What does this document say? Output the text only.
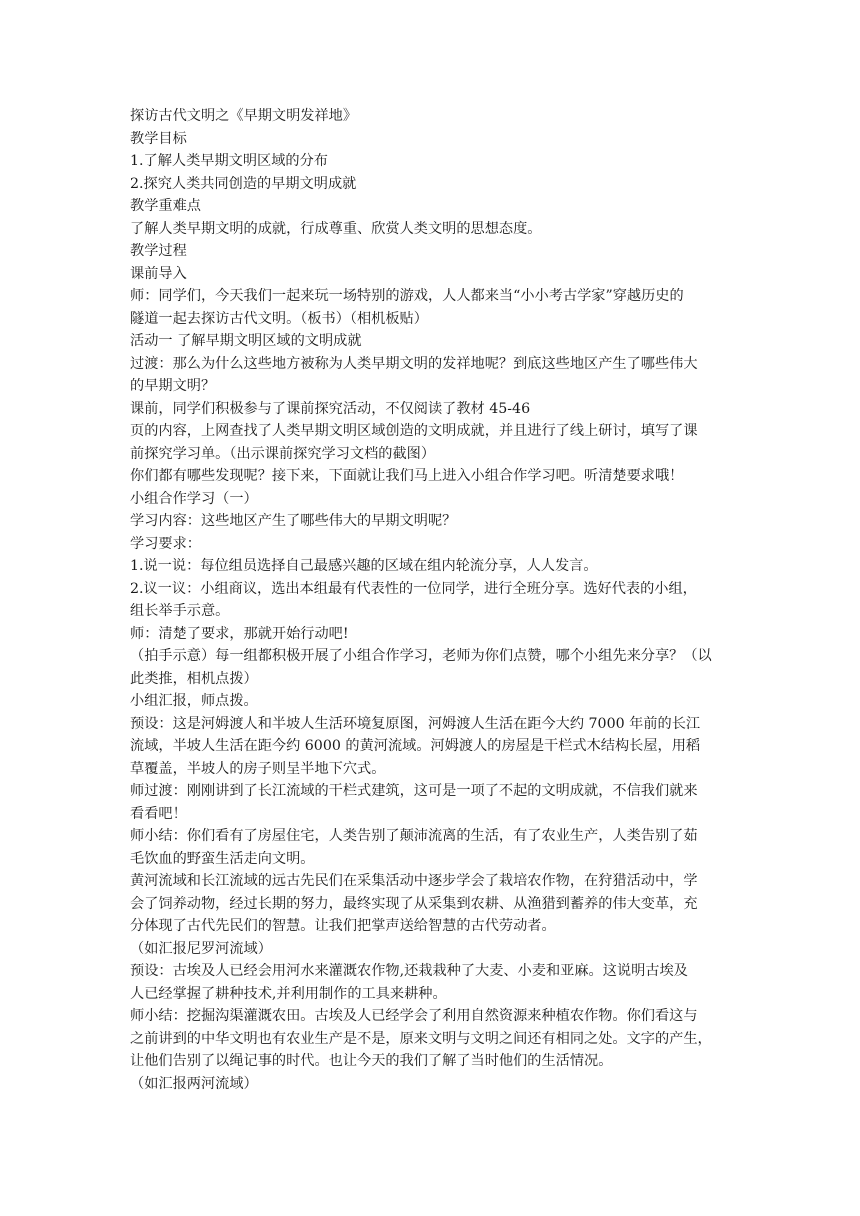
探访古代文明之《早期文明发祥地》
教学目标
1.了解人类早期文明区域的分布
2.探究人类共同创造的早期文明成就
教学重难点
了解人类早期文明的成就，行成尊重、欣赏人类文明的思想态度。
教学过程
课前导入
师：同学们，今天我们一起来玩一场特别的游戏，人人都来当“小小考古学家”穿越历史的
隧道一起去探访古代文明。（板书）（相机板贴）
活动一 了解早期文明区域的文明成就
过渡：那么为什么这些地方被称为人类早期文明的发祥地呢？到底这些地区产生了哪些伟大
的早期文明？
课前，同学们积极参与了课前探究活动，不仅阅读了教材 45-46
页的内容，上网查找了人类早期文明区域创造的文明成就，并且进行了线上研讨，填写了课
前探究学习单。（出示课前探究学习文档的截图）
你们都有哪些发现呢？接下来，下面就让我们马上进入小组合作学习吧。听清楚要求哦！
小组合作学习（一）
学习内容：这些地区产生了哪些伟大的早期文明呢？
学习要求：
1.说一说：每位组员选择自己最感兴趣的区域在组内轮流分享，人人发言。
2.议一议：小组商议，选出本组最有代表性的一位同学，进行全班分享。选好代表的小组，
组长举手示意。
师：清楚了要求，那就开始行动吧!
（拍手示意）每一组都积极开展了小组合作学习，老师为你们点赞，哪个小组先来分享？（以
此类推，相机点拨）
小组汇报，师点拨。
预设：这是河姆渡人和半坡人生活环境复原图，河姆渡人生活在距今大约 7000 年前的长江
流域，半坡人生活在距今约 6000 的黄河流域。河姆渡人的房屋是干栏式木结构长屋，用稻
草覆盖，半坡人的房子则呈半地下穴式。
师过渡：刚刚讲到了长江流域的干栏式建筑，这可是一项了不起的文明成就，不信我们就来
看看吧！
师小结：你们看有了房屋住宅，人类告别了颠沛流离的生活，有了农业生产，人类告别了茹
毛饮血的野蛮生活走向文明。
黄河流域和长江流域的远古先民们在采集活动中逐步学会了栽培农作物，在狩猎活动中，学
会了饲养动物，经过长期的努力，最终实现了从采集到农耕、从渔猎到蓄养的伟大变革，充
分体现了古代先民们的智慧。让我们把掌声送给智慧的古代劳动者。
（如汇报尼罗河流域）
预设：古埃及人已经会用河水来灌溉农作物,还栽栽种了大麦、小麦和亚麻。这说明古埃及
人已经掌握了耕种技术,并利用制作的工具来耕种。
师小结：挖掘沟渠灌溉农田。古埃及人已经学会了利用自然资源来种植农作物。你们看这与
之前讲到的中华文明也有农业生产是不是，原来文明与文明之间还有相同之处。文字的产生，
让他们告别了以绳记事的时代。也让今天的我们了解了当时他们的生活情况。
（如汇报两河流域）
